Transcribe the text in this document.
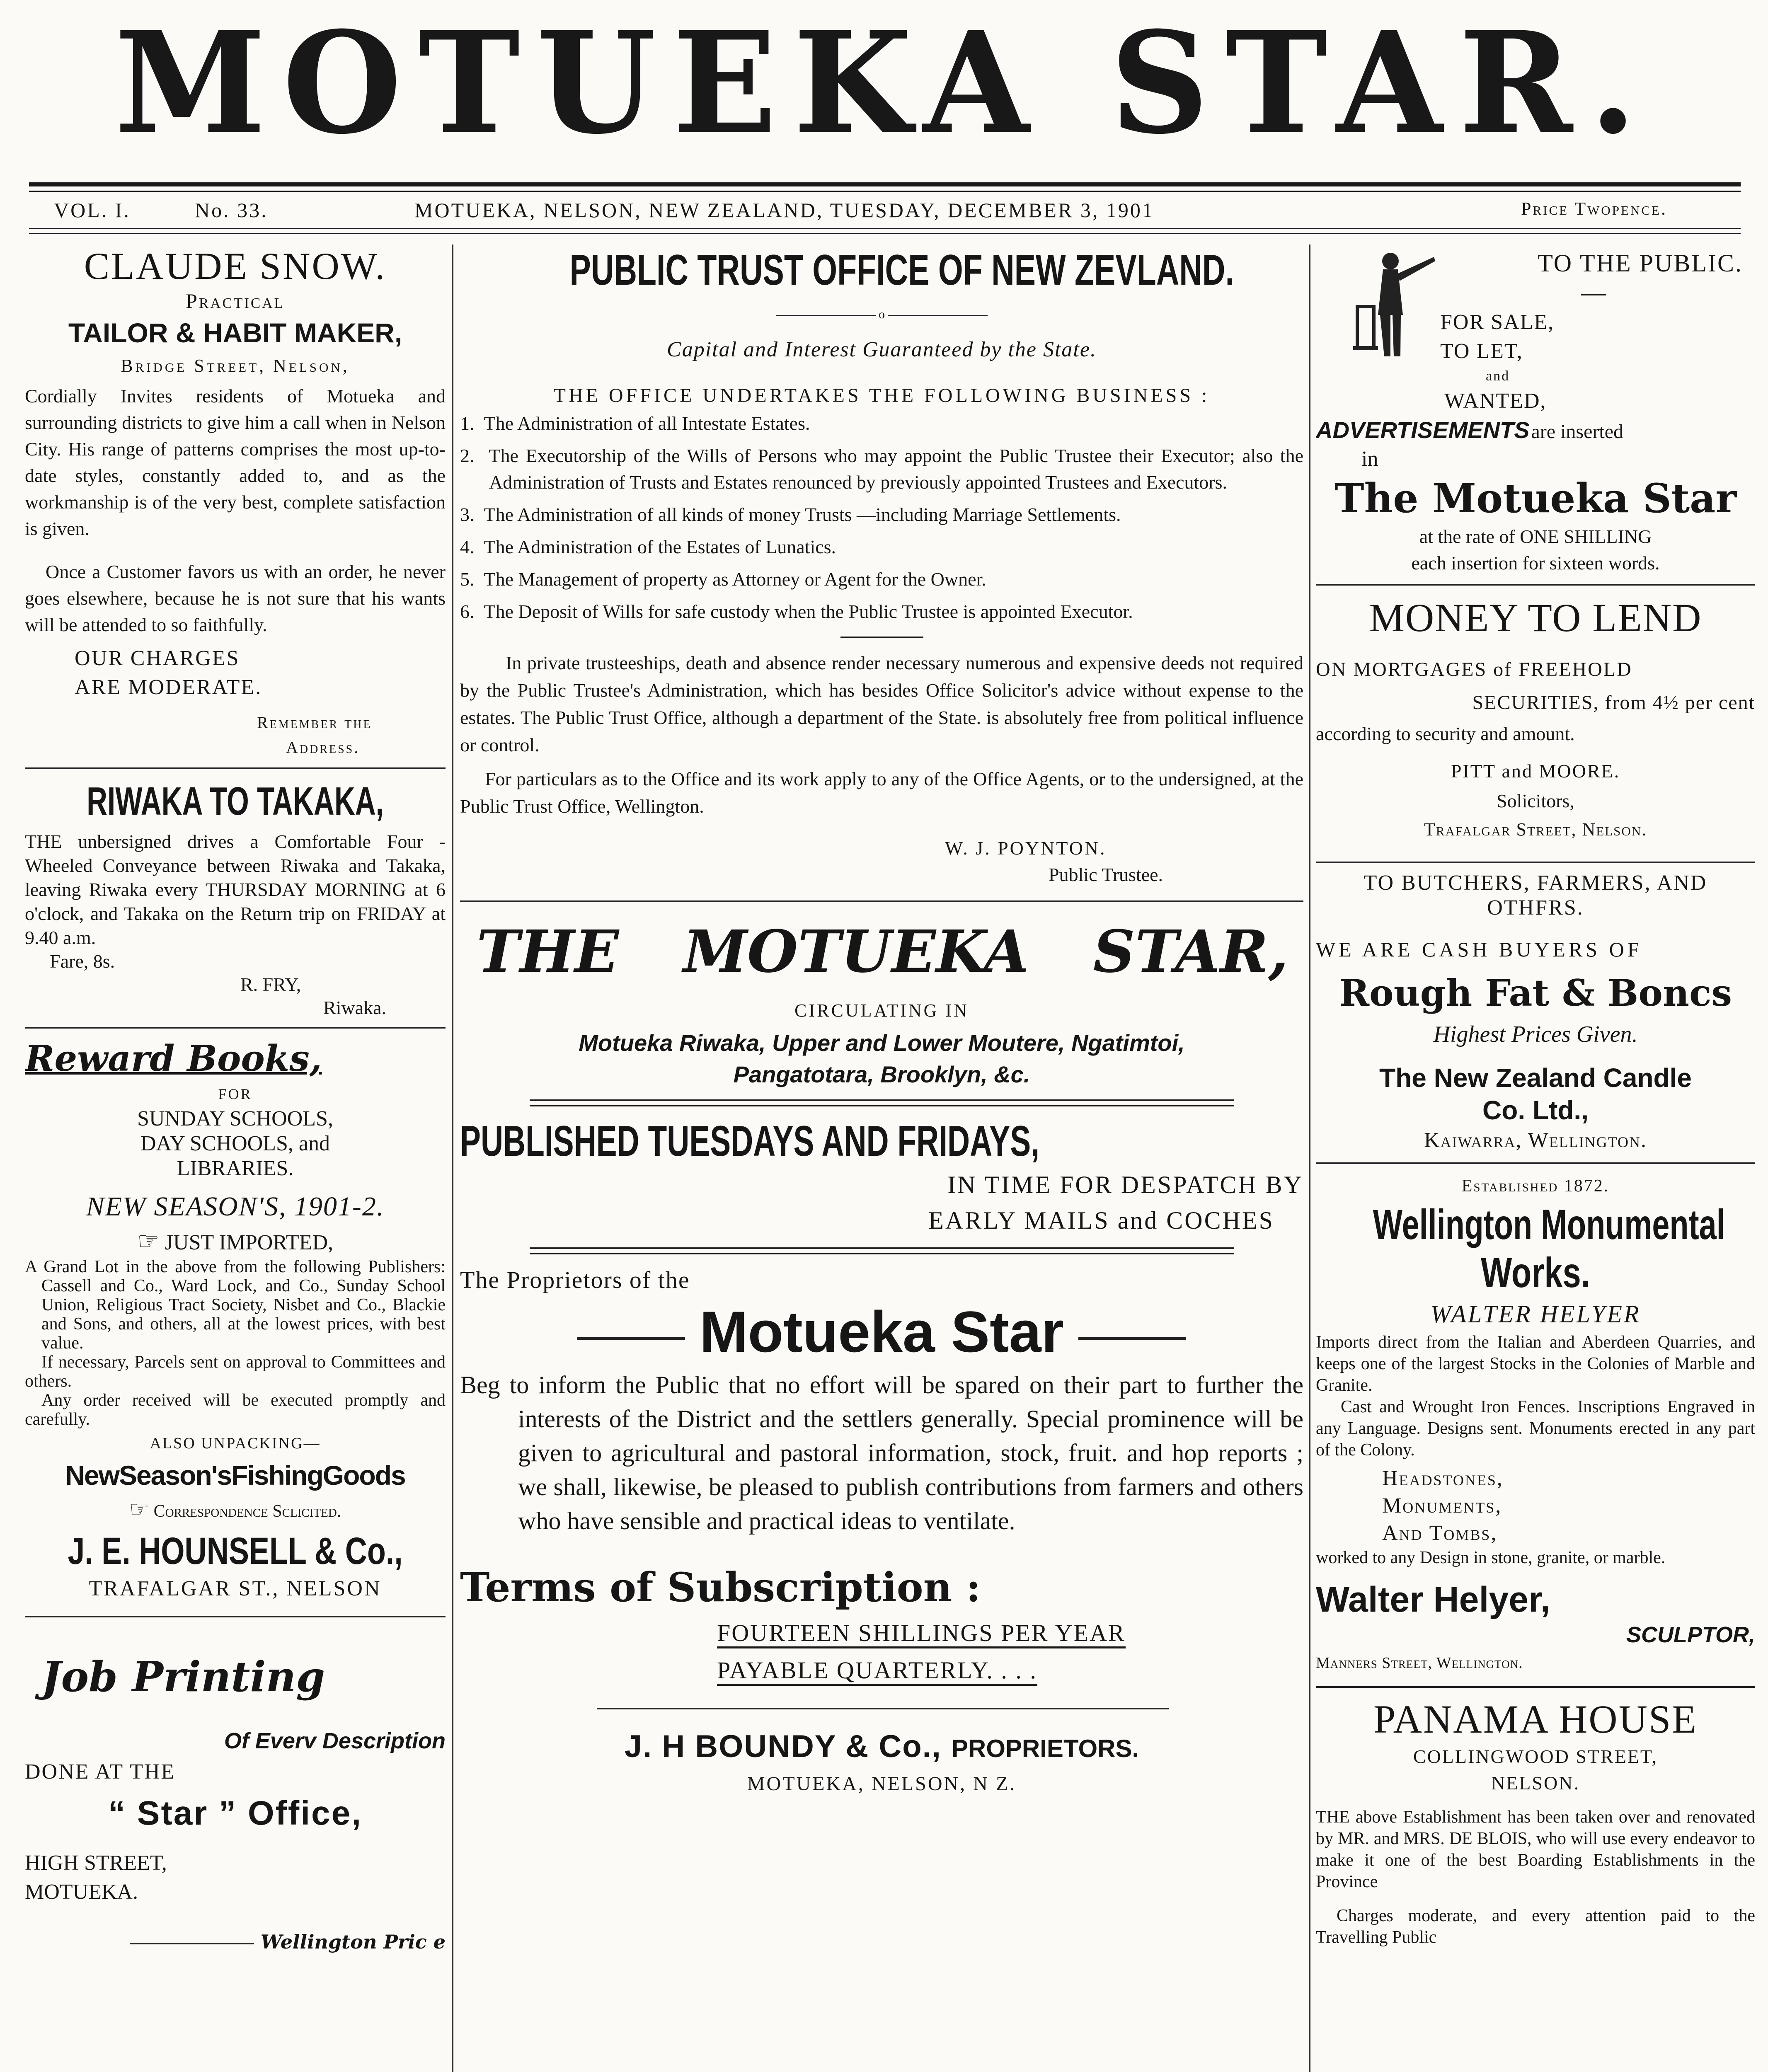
MOTUEKA STAR.
VOL. I.	No. 33.	MOTUEKA, NELSON, NEW ZEALAND, TUESDAY, DECEMBER 3, 1901	Price Twopence.

CLAUDE SNOW.

Practical

TAILOR & HABIT MAKER,

Bridge Street, Nelson,

Cordially Invites residents of Motueka and surrounding districts to give him a call when in Nelson City. His range of patterns comprises the most up-to-date styles, constantly added to, and as the workmanship is of the very best, complete satisfaction is given.

Once a Customer favors us with an order, he never goes elsewhere, because he is not sure that his wants will be attended to so faithfully.

OUR CHARGES

ARE MODERATE.

Remember the

Address.

RIWAKA TO TAKAKA,

THE unbersigned drives a Comfortable Four - Wheeled Conveyance between Riwaka and Takaka, leaving Riwaka every THURSDAY MORNING at 6 o'clock, and Takaka on the Return trip on FRIDAY at 9.40 a.m.

Fare, 8s.

R. FRY,

Riwaka.

Reward Books,

FOR

SUNDAY SCHOOLS,

DAY SCHOOLS, and

LIBRARIES.

NEW SEASON'S, 1901-2.

☞ JUST IMPORTED,

A Grand Lot in the above from the following Publishers: Cassell and Co., Ward Lock, and Co., Sunday School Union, Religious Tract Society, Nisbet and Co., Blackie and Sons, and others, all at the lowest prices, with best value.

If necessary, Parcels sent on approval to Committees and others.

Any order received will be executed promptly and carefully.

ALSO UNPACKING—

NewSeason'sFishingGoods

☞ Correspondence Sclicited.

J. E. HOUNSELL & Co.,

TRAFALGAR ST., NELSON

Job Printing

Of Everv Description

DONE AT THE

“ Star ” Office,

HIGH STREET,

MOTUEKA.

Wellington Pric e

PUBLIC TRUST OFFICE OF NEW ZEVLAND.

o

Capital and Interest Guaranteed by the State.

THE OFFICE UNDERTAKES THE FOLLOWING BUSINESS :

1. The Administration of all Intestate Estates.

2. The Executorship of the Wills of Persons who may appoint the Public Trustee their Executor; also the Administration of Trusts and Estates renounced by previously appointed Trustees and Executors.

3. The Administration of all kinds of money Trusts —including Marriage Settlements.

4. The Administration of the Estates of Lunatics.

5. The Management of property as Attorney or Agent for the Owner.

6. The Deposit of Wills for safe custody when the Public Trustee is appointed Executor.

In private trusteeships, death and absence render necessary numerous and expensive deeds not required by the Public Trustee's Administration, which has besides Office Solicitor's advice without expense to the estates. The Public Trust Office, although a department of the State. is absolutely free from political influence or control.

For particulars as to the Office and its work apply to any of the Office Agents, or to the undersigned, at the Public Trust Office, Wellington.

W. J. POYNTON.

Public Trustee.

THE MOTUEKA STAR,

CIRCULATING IN

Motueka Riwaka, Upper and Lower Moutere, Ngatimtoi,

Pangatotara, Brooklyn, &c.

PUBLISHED TUESDAYS AND FRIDAYS,

IN TIME FOR DESPATCH BY

EARLY MAILS and COCHES

The Proprietors of the

Motueka Star

Beg to inform the Public that no effort will be spared on their part to further the interests of the District and the settlers generally. Special prominence will be given to agricultural and pastoral information, stock, fruit. and hop reports ; we shall, likewise, be pleased to publish contributions from farmers and others who have sensible and practical ideas to ventilate.

Terms of Subscription :

FOURTEEN SHILLINGS PER YEAR

PAYABLE QUARTERLY. . . .

J. H BOUNDY & Co., PROPRIETORS.

MOTUEKA, NELSON, N Z.

TO THE PUBLIC.

FOR SALE,

TO LET,

and

WANTED,

ADVERTISEMENTS are inserted

in

The Motueka Star

at the rate of ONE SHILLING

each insertion for sixteen words.

MONEY TO LEND

ON MORTGAGES of FREEHOLD

SECURITIES, from 4½ per cent

according to security and amount.

PITT and MOORE.

Solicitors,

Trafalgar Street, Nelson.

TO BUTCHERS, FARMERS, AND

OTHFRS.

WE ARE CASH BUYERS OF

Rough Fat & Boncs

Highest Prices Given.

The New Zealand Candle

Co. Ltd.,

Kaiwarra, Wellington.

Established 1872.

Wellington Monumental

Works.

WALTER HELYER

Imports direct from the Italian and Aberdeen Quarries, and keeps one of the largest Stocks in the Colonies of Marble and Granite.

Cast and Wrought Iron Fences. Inscriptions Engraved in any Language. Designs sent. Monuments erected in any part of the Colony.

Headstones,

Monuments,

And Tombs,

worked to any Design in stone, granite, or marble.

Walter Helyer,

SCULPTOR,

Manners Street, Wellington.

PANAMA HOUSE

COLLINGWOOD STREET,

NELSON.

THE above Establishment has been taken over and renovated by MR. and MRS. DE BLOIS, who will use every endeavor to make it one of the best Boarding Establishments in the Province

Charges moderate, and every attention paid to the Travelling Public
